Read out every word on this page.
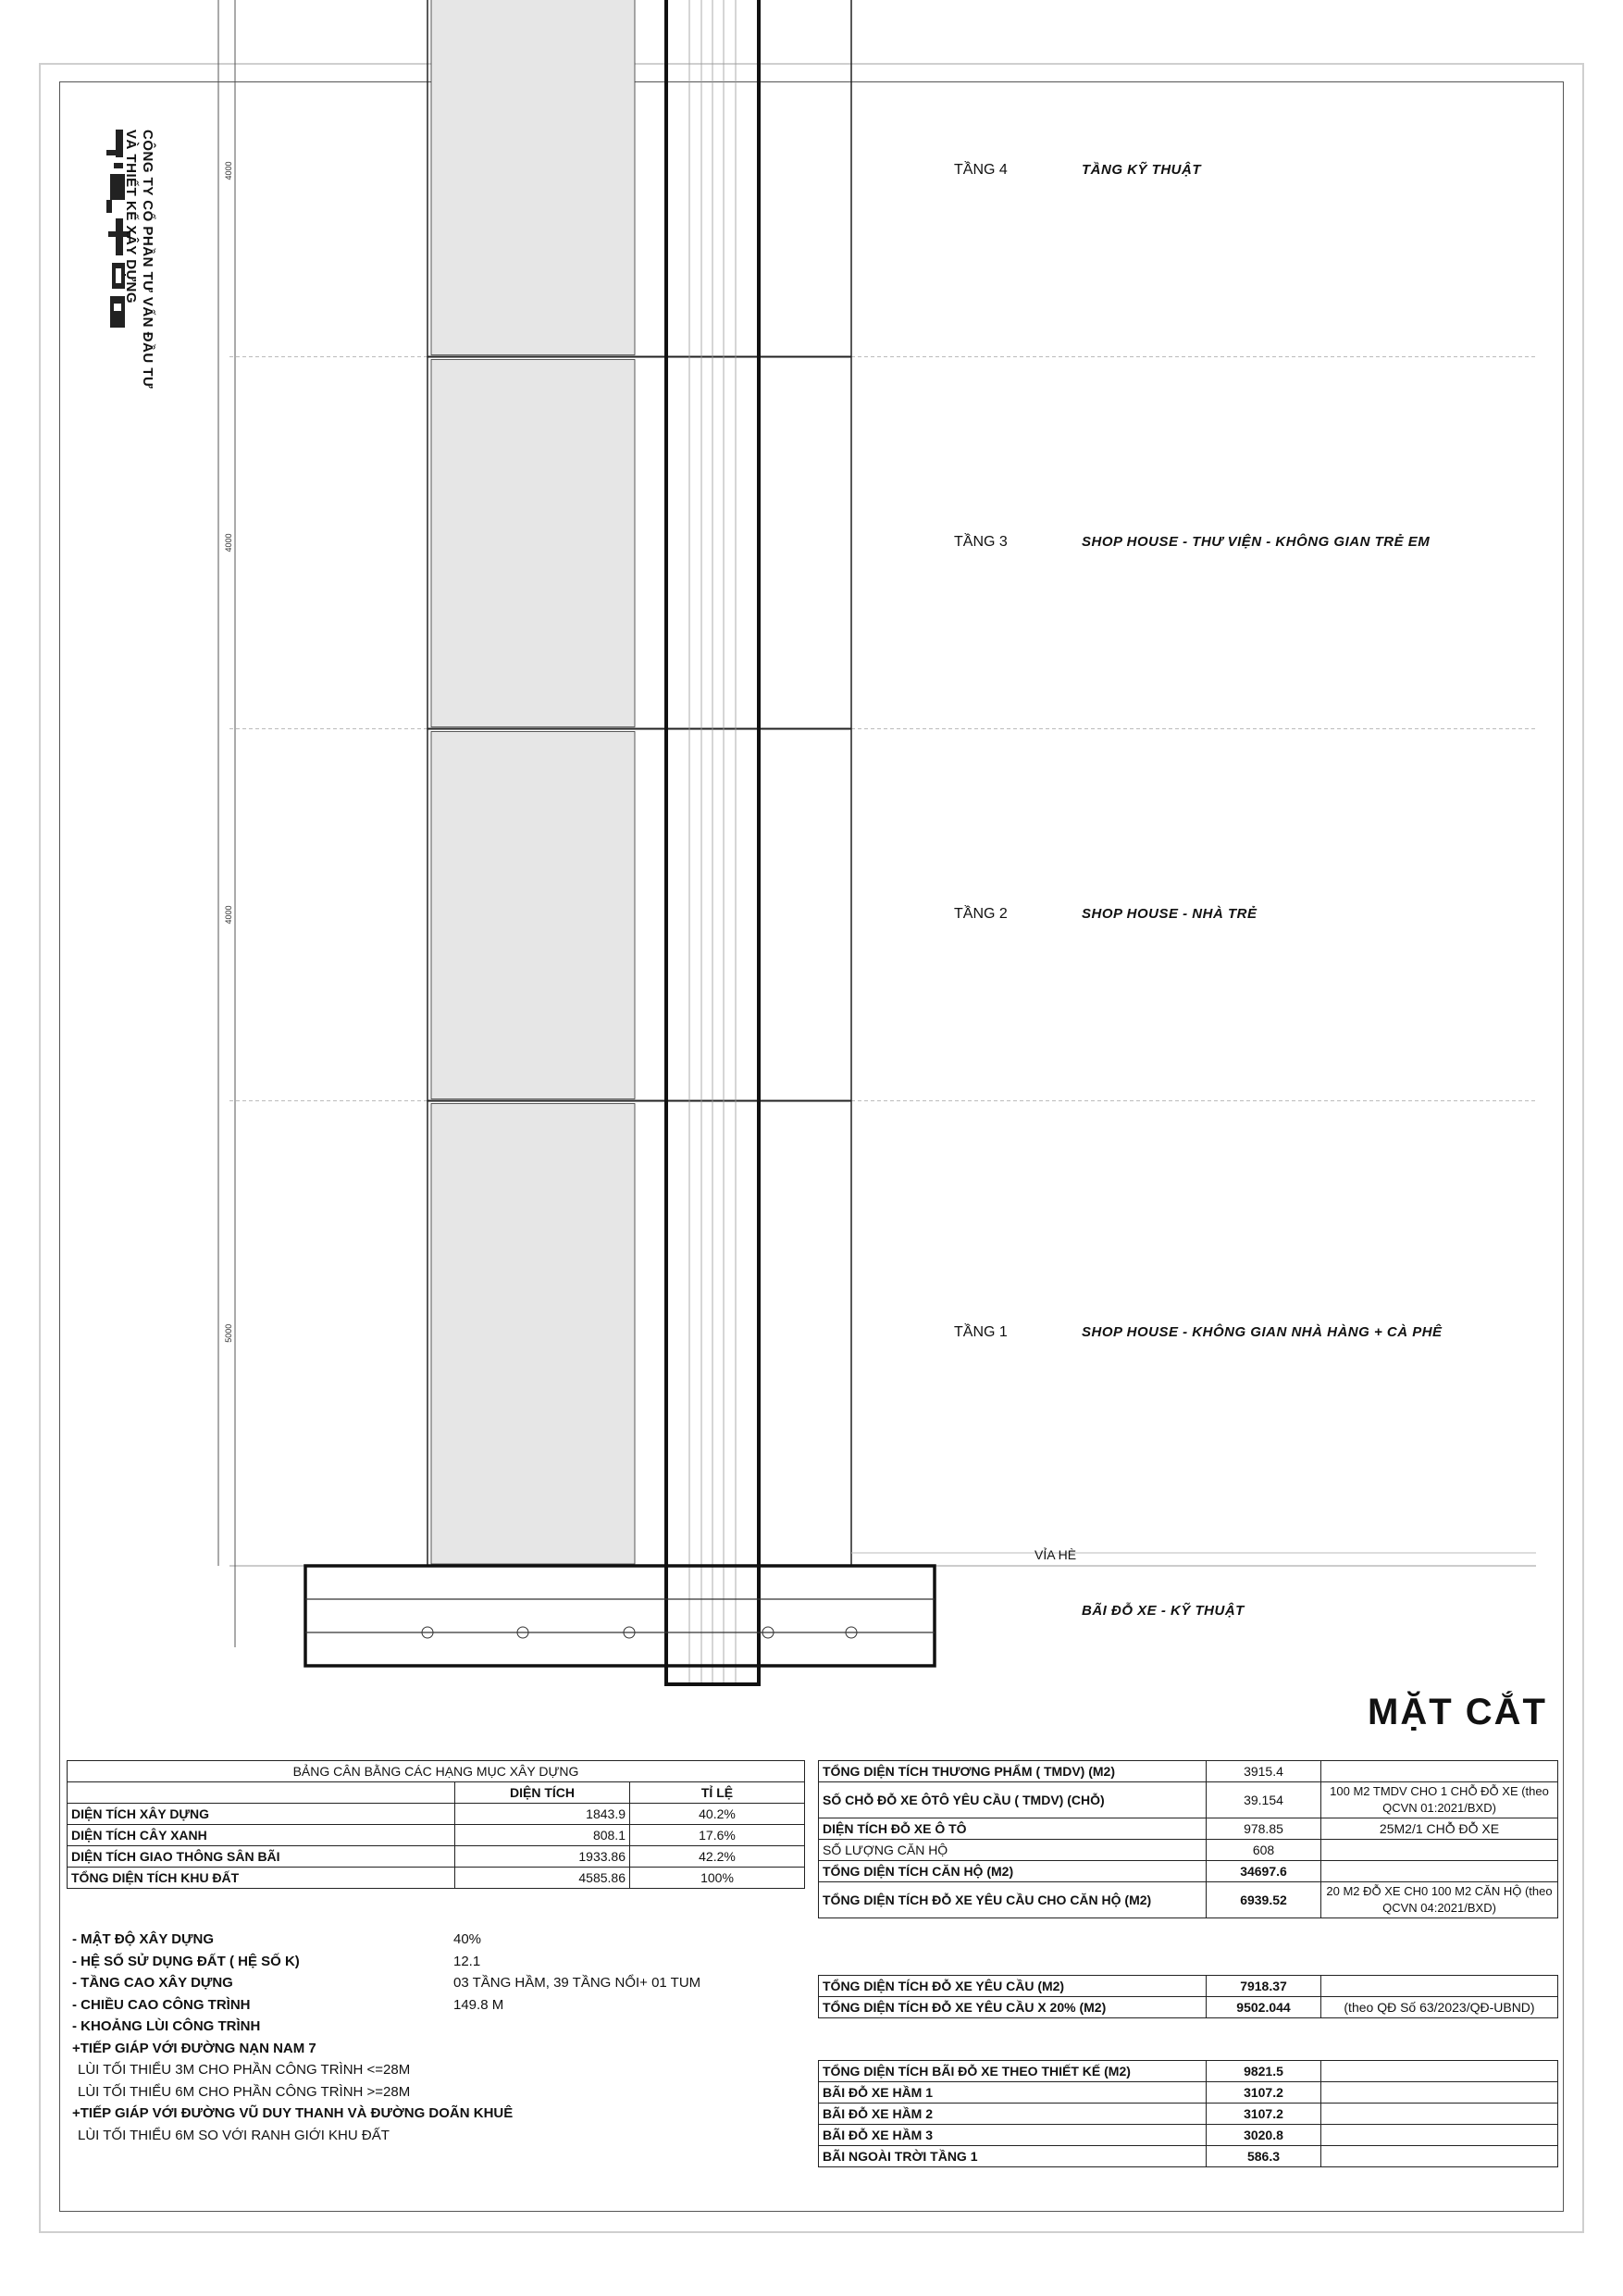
CÔNG TY CỔ PHẦN TƯ VẤN ĐẦU TƯ
VÀ THIẾT KẾ XÂY DỰNG	4000
4000
4000
5000
TẦNG 4	TẦNG KỸ THUẬT
TẦNG 3	SHOP HOUSE - THƯ VIỆN - KHÔNG GIAN TRẺ EM
TẦNG 2	SHOP HOUSE - NHÀ TRẺ
TẦNG 1	SHOP HOUSE - KHÔNG GIAN NHÀ HÀNG + CÀ PHÊ
VỈA HÈ
BÃI ĐỖ XE - KỸ THUẬT
MẶT CẮT
BẢNG CÂN BẰNG CÁC HẠNG MỤC XÂY DỰNG		
	DIỆN TÍCH	TỈ LỆ
DIỆN TÍCH XÂY DỰNG	1843.9	40.2%
DIỆN TÍCH CÂY XANH	808.1	17.6%
DIỆN TÍCH GIAO THÔNG SÂN BÃI	1933.86	42.2%
TỔNG DIỆN TÍCH KHU ĐẤT	4585.86	100%
- MẬT ĐỘ XÂY DỰNG	40%
- HỆ SỐ SỬ DỤNG ĐẤT ( HỆ SỐ K)	12.1
- TẦNG CAO XÂY DỰNG	03 TẦNG HẦM, 39 TẦNG NỔI+ 01 TUM
- CHIỀU CAO CÔNG TRÌNH	149.8 M
- KHOẢNG LÙI CÔNG TRÌNH
+TIẾP GIÁP VỚI ĐƯỜNG NẠN NAM 7
LÙI TỐI THIỂU 3M CHO PHẦN CÔNG TRÌNH <=28M
LÙI TỐI THIỂU 6M CHO PHẦN CÔNG TRÌNH >=28M
+TIẾP GIÁP VỚI ĐƯỜNG VŨ DUY THANH VÀ ĐƯỜNG DOÃN KHUÊ
LÙI TỐI THIỂU 6M SO VỚI RANH GIỚI KHU ĐẤT
TỔNG DIỆN TÍCH THƯƠNG PHẨM ( TMDV) (M2)	3915.4	
SỐ CHỖ ĐỖ XE ÔTÔ YÊU CẦU ( TMDV) (CHỖ)	39.154	100 M2 TMDV CHO 1 CHỖ ĐỖ XE (theo QCVN 01:2021/BXD)
DIỆN TÍCH ĐỖ XE Ô TÔ	978.85	25M2/1 CHỖ ĐỖ XE
SỐ LƯỢNG CĂN HỘ	608	
TỔNG DIỆN TÍCH CĂN HỘ (M2)	34697.6	
TỔNG DIỆN TÍCH ĐỖ XE YÊU CẦU CHO CĂN HỘ (M2)	6939.52	20 M2 ĐỖ XE CH0 100 M2 CĂN HỘ (theo QCVN 04:2021/BXD)
TỔNG DIỆN TÍCH ĐỖ XE YÊU CẦU (M2)	7918.37	
TỔNG DIỆN TÍCH ĐỖ XE YÊU CẦU X 20% (M2)	9502.044	(theo QĐ Số 63/2023/QĐ-UBND)
TỔNG DIỆN TÍCH BÃI ĐỖ XE THEO THIẾT KẾ (M2)	9821.5	
BÃI ĐỖ XE HẦM 1	3107.2	
BÃI ĐỖ XE HẦM 2	3107.2	
BÃI ĐỖ XE HẦM 3	3020.8	
BÃI NGOÀI TRỜI TẦNG 1	586.3	
